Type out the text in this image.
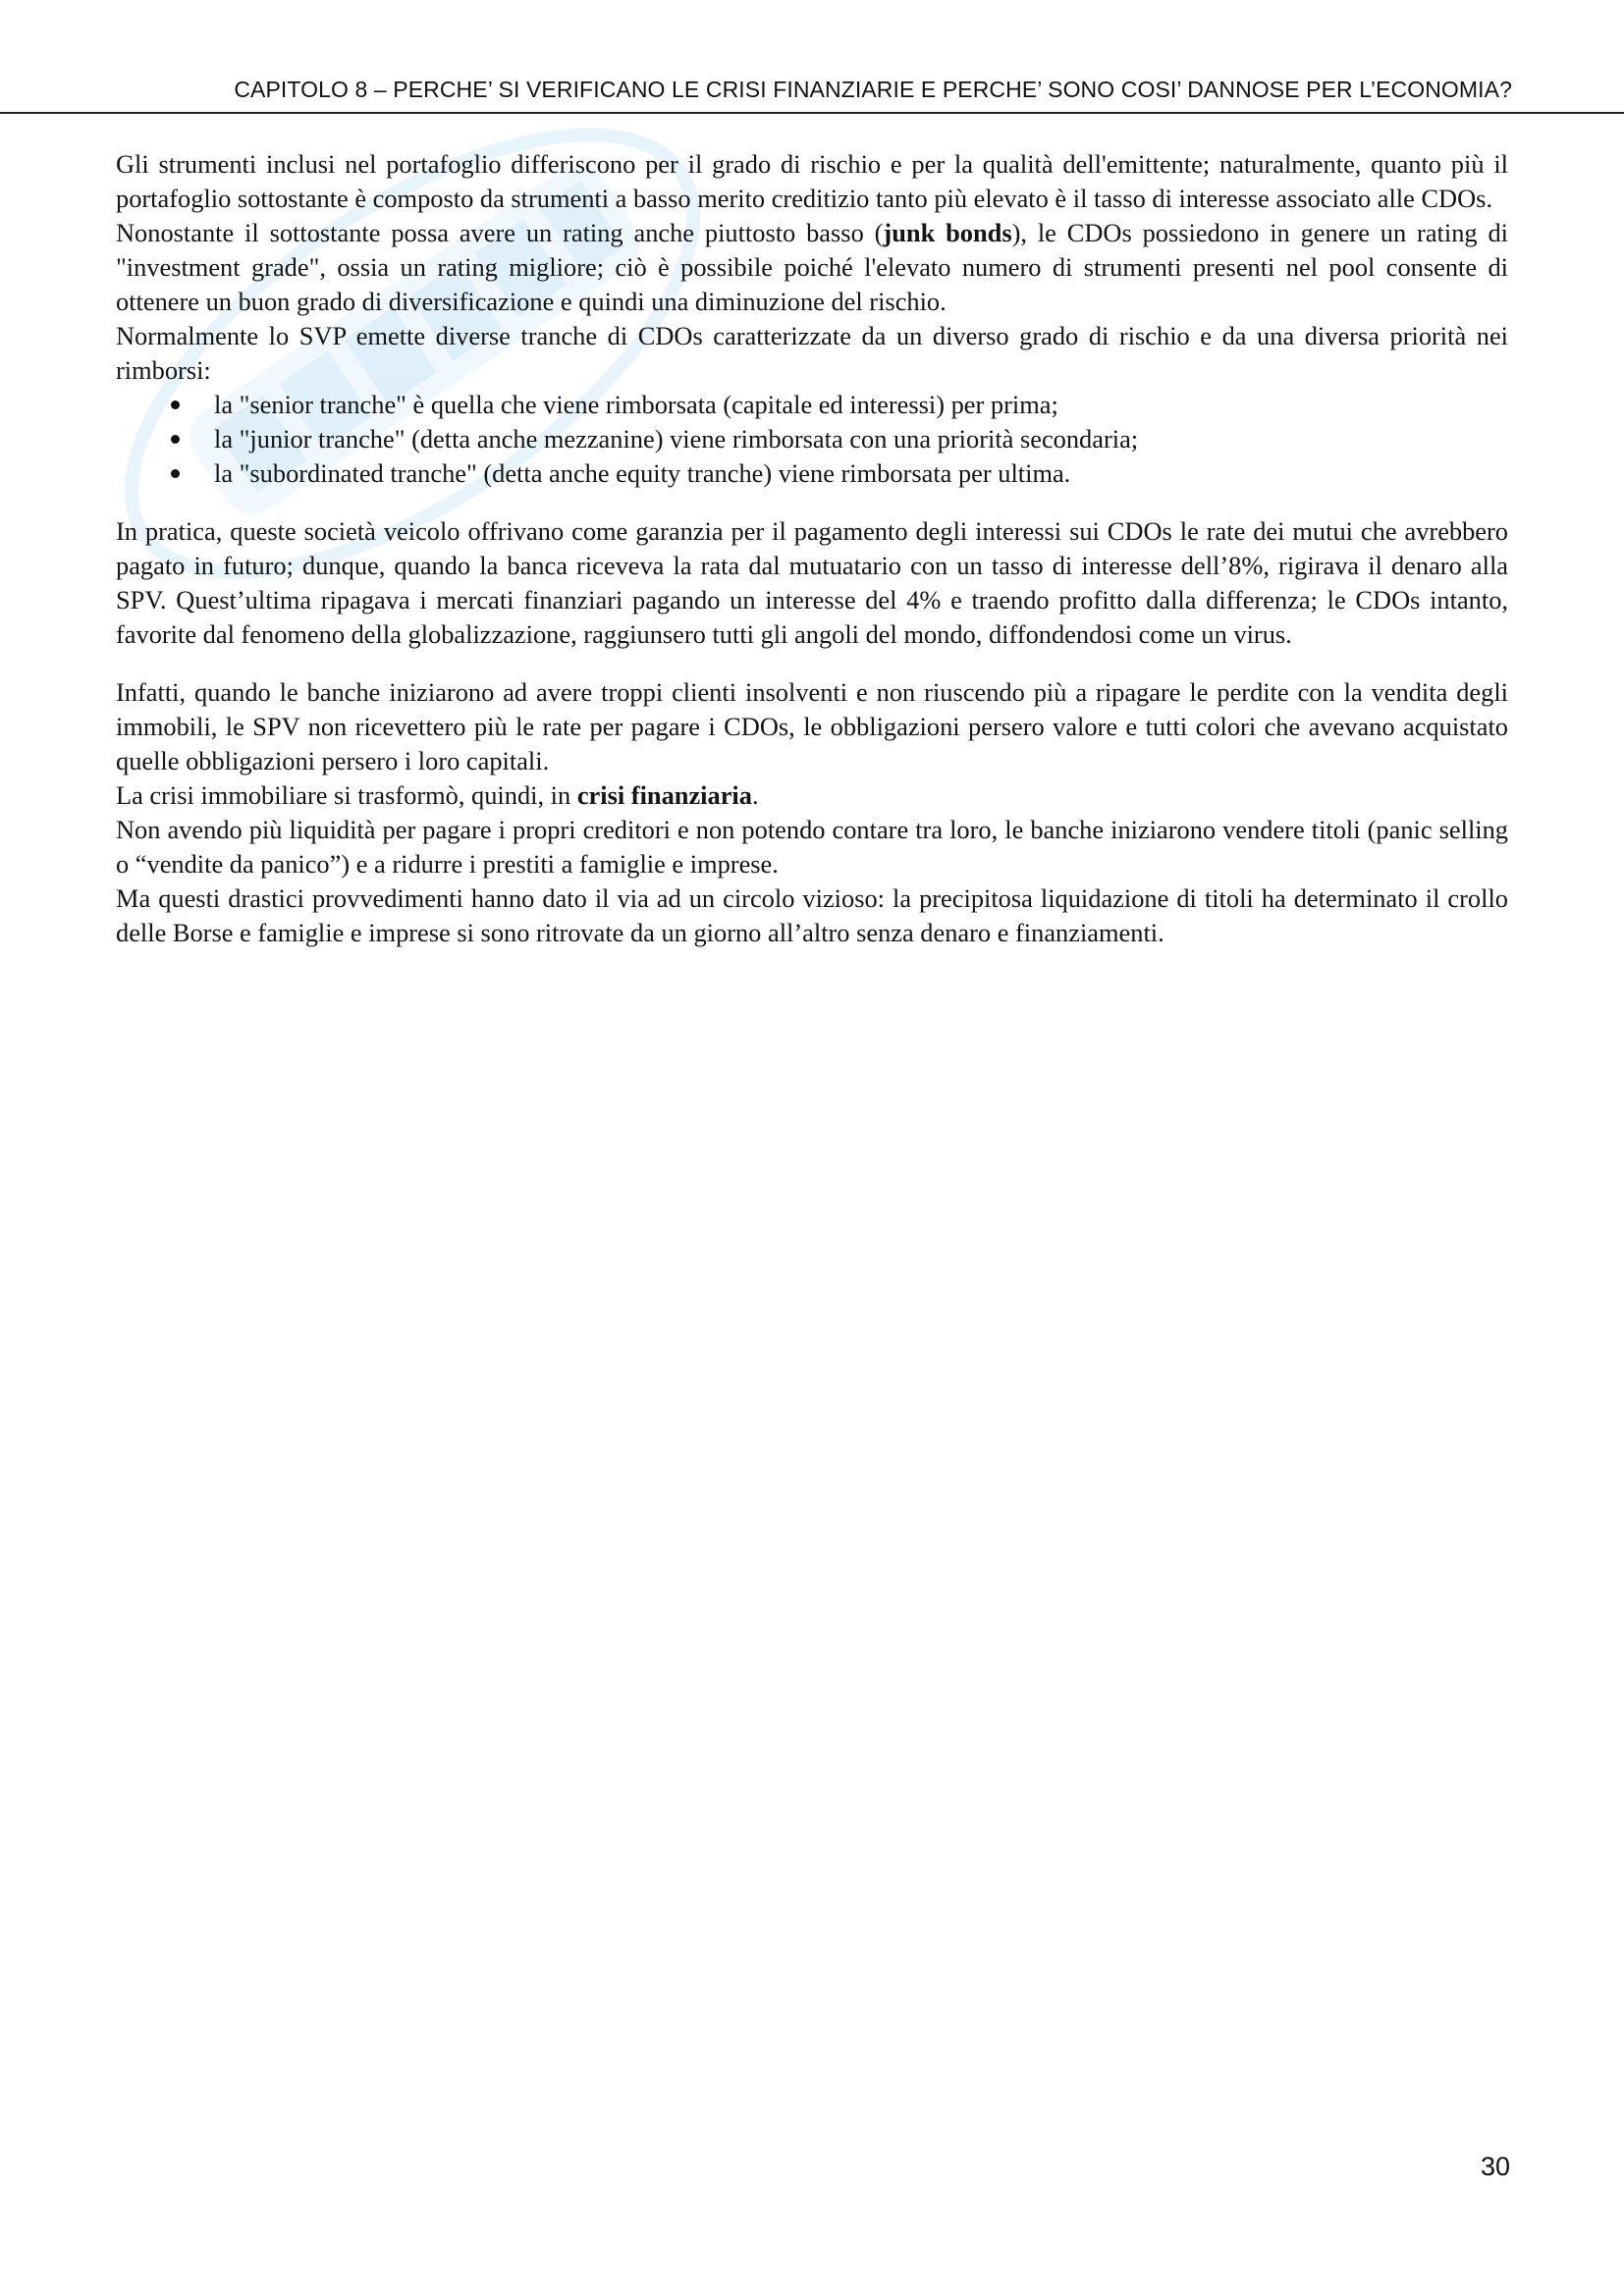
CAPITOLO 8 – PERCHE’ SI VERIFICANO LE CRISI FINANZIARIE E PERCHE’ SONO COSI’ DANNOSE PER L’ECONOMIA?

Gli strumenti inclusi nel portafoglio differiscono per il grado di rischio e per la qualità dell'emittente; naturalmente, quanto più il portafoglio sottostante è composto da strumenti a basso merito creditizio tanto più elevato è il tasso di interesse associato alle CDOs.

Nonostante il sottostante possa avere un rating anche piuttosto basso (junk bonds), le CDOs possiedono in genere un rating di "investment grade", ossia un rating migliore; ciò è possibile poiché l'elevato numero di strumenti presenti nel pool consente di ottenere un buon grado di diversificazione e quindi una diminuzione del rischio.

Normalmente lo SVP emette diverse tranche di CDOs caratterizzate da un diverso grado di rischio e da una diversa priorità nei rimborsi:

la "senior tranche" è quella che viene rimborsata (capitale ed interessi) per prima;
la "junior tranche" (detta anche mezzanine) viene rimborsata con una priorità secondaria;
la "subordinated tranche" (detta anche equity tranche) viene rimborsata per ultima.

In pratica, queste società veicolo offrivano come garanzia per il pagamento degli interessi sui CDOs le rate dei mutui che avrebbero pagato in futuro; dunque, quando la banca riceveva la rata dal mutuatario con un tasso di interesse dell’8%, rigirava il denaro alla SPV. Quest’ultima ripagava i mercati finanziari pagando un interesse del 4% e traendo profitto dalla differenza; le CDOs intanto, favorite dal fenomeno della globalizzazione, raggiunsero tutti gli angoli del mondo, diffondendosi come un virus.

Infatti, quando le banche iniziarono ad avere troppi clienti insolventi e non riuscendo più a ripagare le perdite con la vendita degli immobili, le SPV non ricevettero più le rate per pagare i CDOs, le obbligazioni persero valore e tutti colori che avevano acquistato quelle obbligazioni persero i loro capitali.

La crisi immobiliare si trasformò, quindi, in crisi finanziaria.

Non avendo più liquidità per pagare i propri creditori e non potendo contare tra loro, le banche iniziarono vendere titoli (panic selling o “vendite da panico”) e a ridurre i prestiti a famiglie e imprese.

Ma questi drastici provvedimenti hanno dato il via ad un circolo vizioso: la precipitosa liquidazione di titoli ha determinato il crollo delle Borse e famiglie e imprese si sono ritrovate da un giorno all’altro senza denaro e finanziamenti.

30
